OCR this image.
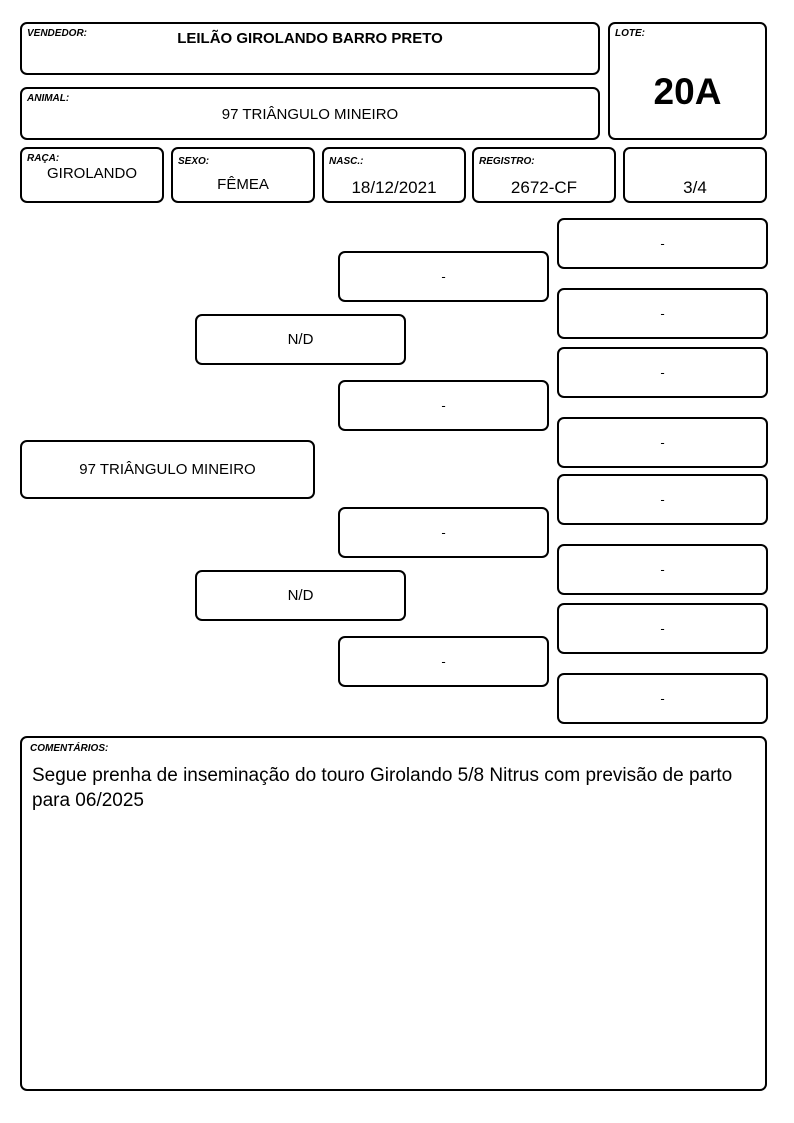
VENDEDOR:	LEILÃO GIROLANDO BARRO PRETO	LOTE:
20A
ANIMAL:
97 TRIÂNGULO MINEIRO
RAÇA:
GIROLANDO
SEXO:
FÊMEA
NASC.:
18/12/2021
REGISTRO:
2672-CF	3/4
97 TRIÂNGULO MINEIRO
N/D
N/D
-
-
-
-
-
-
-
-
-
-
-
-
COMENTÁRIOS:
Segue prenha de inseminação do touro Girolando 5/8 Nitrus com previsão de parto para 06/2025
